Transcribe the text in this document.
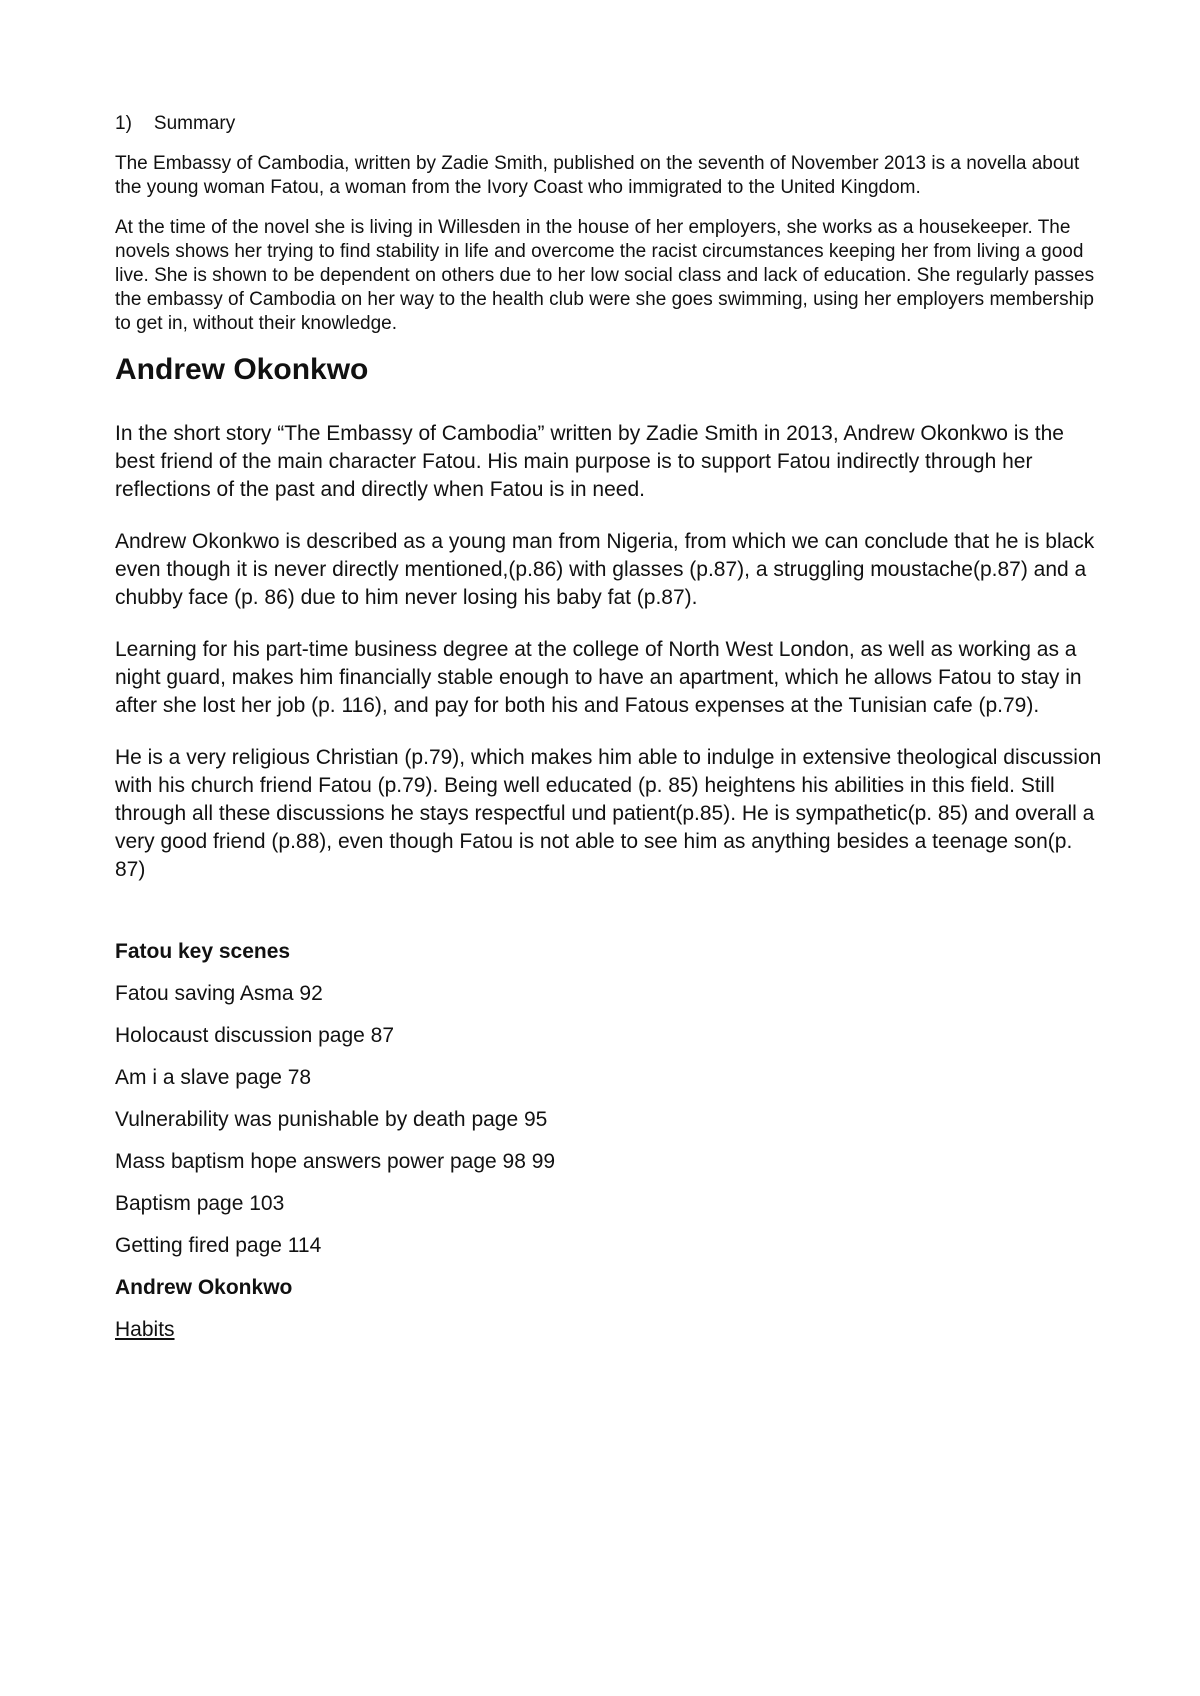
1) Summary

The Embassy of Cambodia, written by Zadie Smith, published on the seventh of November 2013 is a novella about the young woman Fatou, a woman from the Ivory Coast who immigrated to the United Kingdom.

At the time of the novel she is living in Willesden in the house of her employers, she works as a housekeeper. The novels shows her trying to find stability in life and overcome the racist circumstances keeping her from living a good live. She is shown to be dependent on others due to her low social class and lack of education. She regularly passes the embassy of Cambodia on her way to the health club were she goes swimming, using her employers membership to get in, without their knowledge.

Andrew Okonkwo

In the short story “The Embassy of Cambodia” written by Zadie Smith in 2013, Andrew Okonkwo is the best friend of the main character Fatou. His main purpose is to support Fatou indirectly through her reflections of the past and directly when Fatou is in need.

Andrew Okonkwo is described as a young man from Nigeria, from which we can conclude that he is black even though it is never directly mentioned,(p.86) with glasses (p.87), a struggling moustache(p.87) and a chubby face (p. 86) due to him never losing his baby fat (p.87).

Learning for his part-time business degree at the college of North West London, as well as working as a night guard, makes him financially stable enough to have an apartment, which he allows Fatou to stay in after she lost her job (p. 116), and pay for both his and Fatous expenses at the Tunisian cafe (p.79).

He is a very religious Christian (p.79), which makes him able to indulge in extensive theological discussion with his church friend Fatou (p.79). Being well educated (p. 85) heightens his abilities in this field. Still through all these discussions he stays respectful und patient(p.85). He is sympathetic(p. 85) and overall a very good friend (p.88), even though Fatou is not able to see him as anything besides a teenage son(p. 87)

Fatou key scenes
Fatou saving Asma 92
Holocaust discussion page 87
Am i a slave page 78
Vulnerability was punishable by death page 95
Mass baptism hope answers power page 98 99
Baptism page 103
Getting fired page 114
Andrew Okonkwo
Habits
